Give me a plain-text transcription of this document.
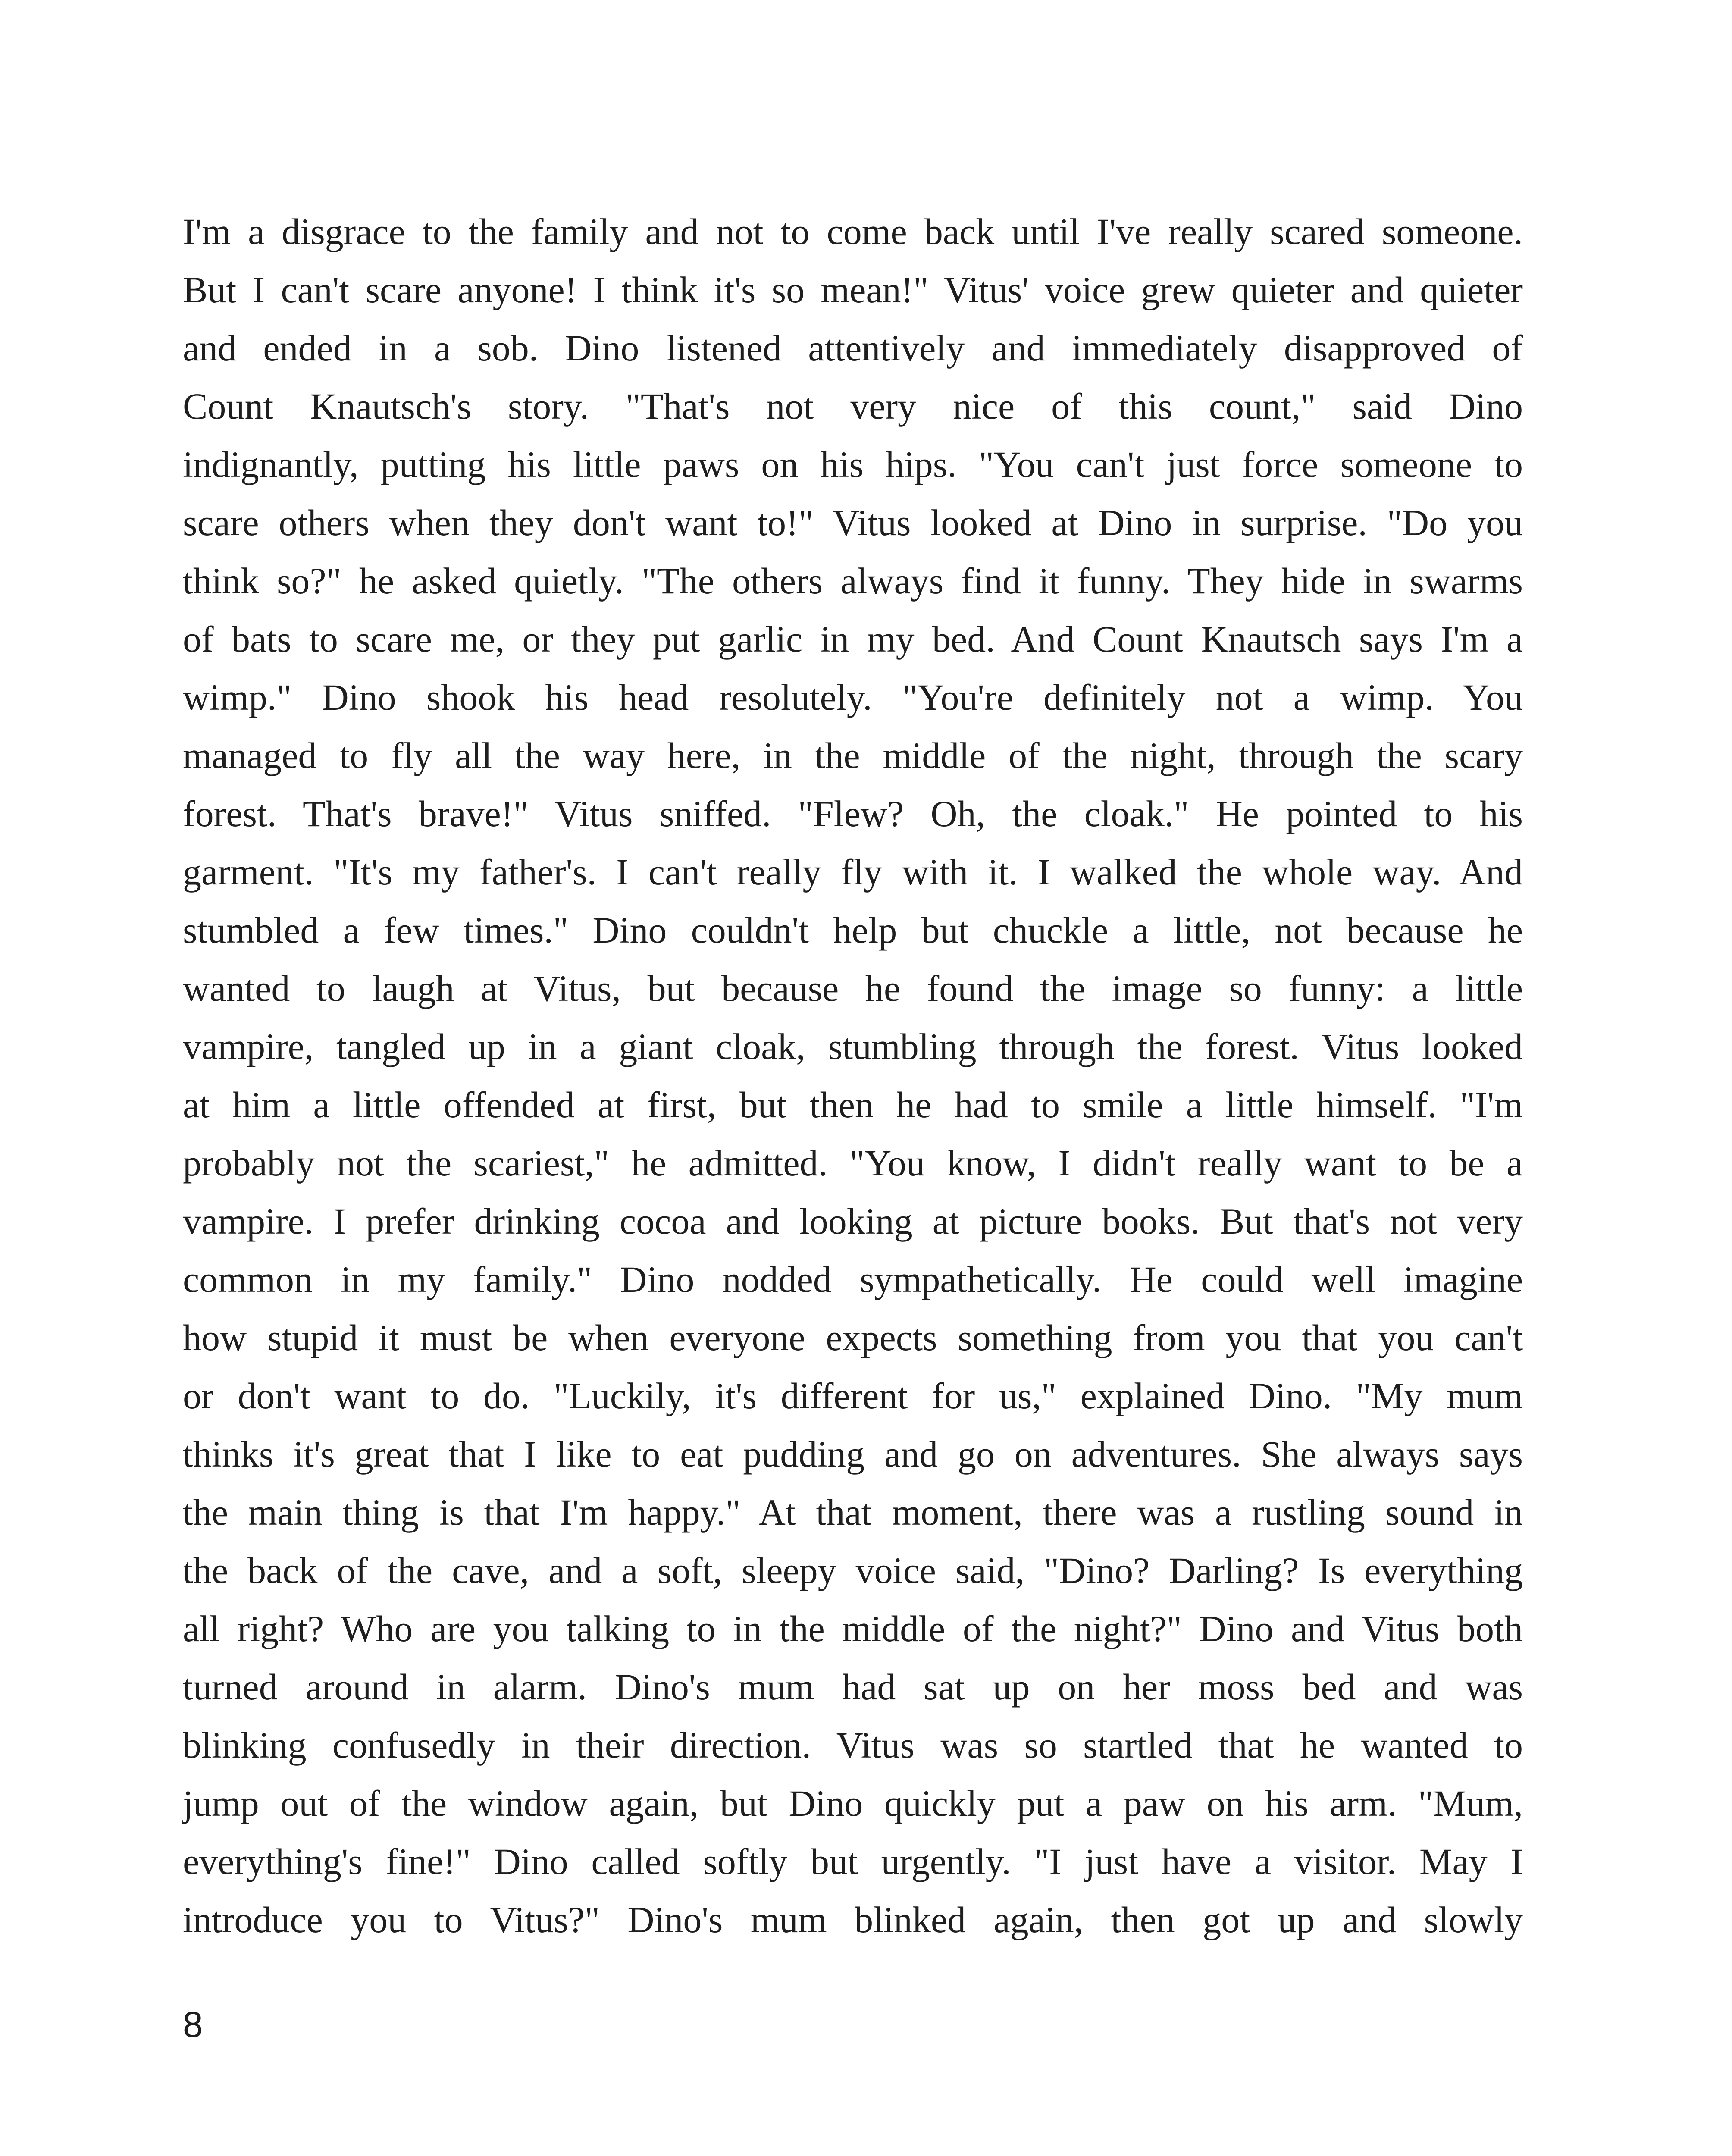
I'm a disgrace to the family and not to come back until I've really scared someone.
But I can't scare anyone! I think it's so mean!" Vitus' voice grew quieter and quieter
and ended in a sob. Dino listened attentively and immediately disapproved of
Count Knautsch's story. "That's not very nice of this count," said Dino
indignantly, putting his little paws on his hips. "You can't just force someone to
scare others when they don't want to!" Vitus looked at Dino in surprise. "Do you
think so?" he asked quietly. "The others always find it funny. They hide in swarms
of bats to scare me, or they put garlic in my bed. And Count Knautsch says I'm a
wimp." Dino shook his head resolutely. "You're definitely not a wimp. You
managed to fly all the way here, in the middle of the night, through the scary
forest. That's brave!" Vitus sniffed. "Flew? Oh, the cloak." He pointed to his
garment. "It's my father's. I can't really fly with it. I walked the whole way. And
stumbled a few times." Dino couldn't help but chuckle a little, not because he
wanted to laugh at Vitus, but because he found the image so funny: a little
vampire, tangled up in a giant cloak, stumbling through the forest. Vitus looked
at him a little offended at first, but then he had to smile a little himself. "I'm
probably not the scariest," he admitted. "You know, I didn't really want to be a
vampire. I prefer drinking cocoa and looking at picture books. But that's not very
common in my family." Dino nodded sympathetically. He could well imagine
how stupid it must be when everyone expects something from you that you can't
or don't want to do. "Luckily, it's different for us," explained Dino. "My mum
thinks it's great that I like to eat pudding and go on adventures. She always says
the main thing is that I'm happy." At that moment, there was a rustling sound in
the back of the cave, and a soft, sleepy voice said, "Dino? Darling? Is everything
all right? Who are you talking to in the middle of the night?" Dino and Vitus both
turned around in alarm. Dino's mum had sat up on her moss bed and was
blinking confusedly in their direction. Vitus was so startled that he wanted to
jump out of the window again, but Dino quickly put a paw on his arm. "Mum,
everything's fine!" Dino called softly but urgently. "I just have a visitor. May I
introduce you to Vitus?" Dino's mum blinked again, then got up and slowly
8
